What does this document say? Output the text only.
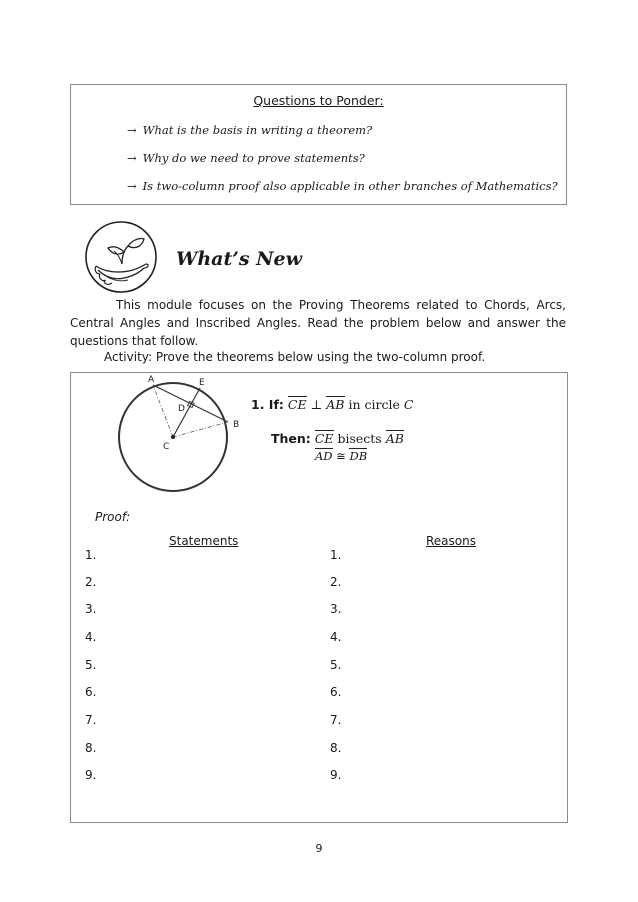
Questions to Ponder:
→ What is the basis in writing a theorem?
→ Why do we need to prove statements?
→ Is two-column proof also applicable in other branches of Mathematics?
What’s New
This module focuses on the Proving Theorems related to Chords, Arcs, Central Angles and Inscribed Angles. Read the problem below and answer the questions that follow.
Activity: Prove the theorems below using the two-column proof.
A	E
D
B
C
1. If: CE ⊥ AB in circle C
Then: CE bisects AB
AD ≅ DB
Proof:
Statements	Reasons
1.
2.
3.
4.
5.
6.
7.
8.
9.
1.
2.
3.
4.
5.
6.
7.
8.
9.
9
